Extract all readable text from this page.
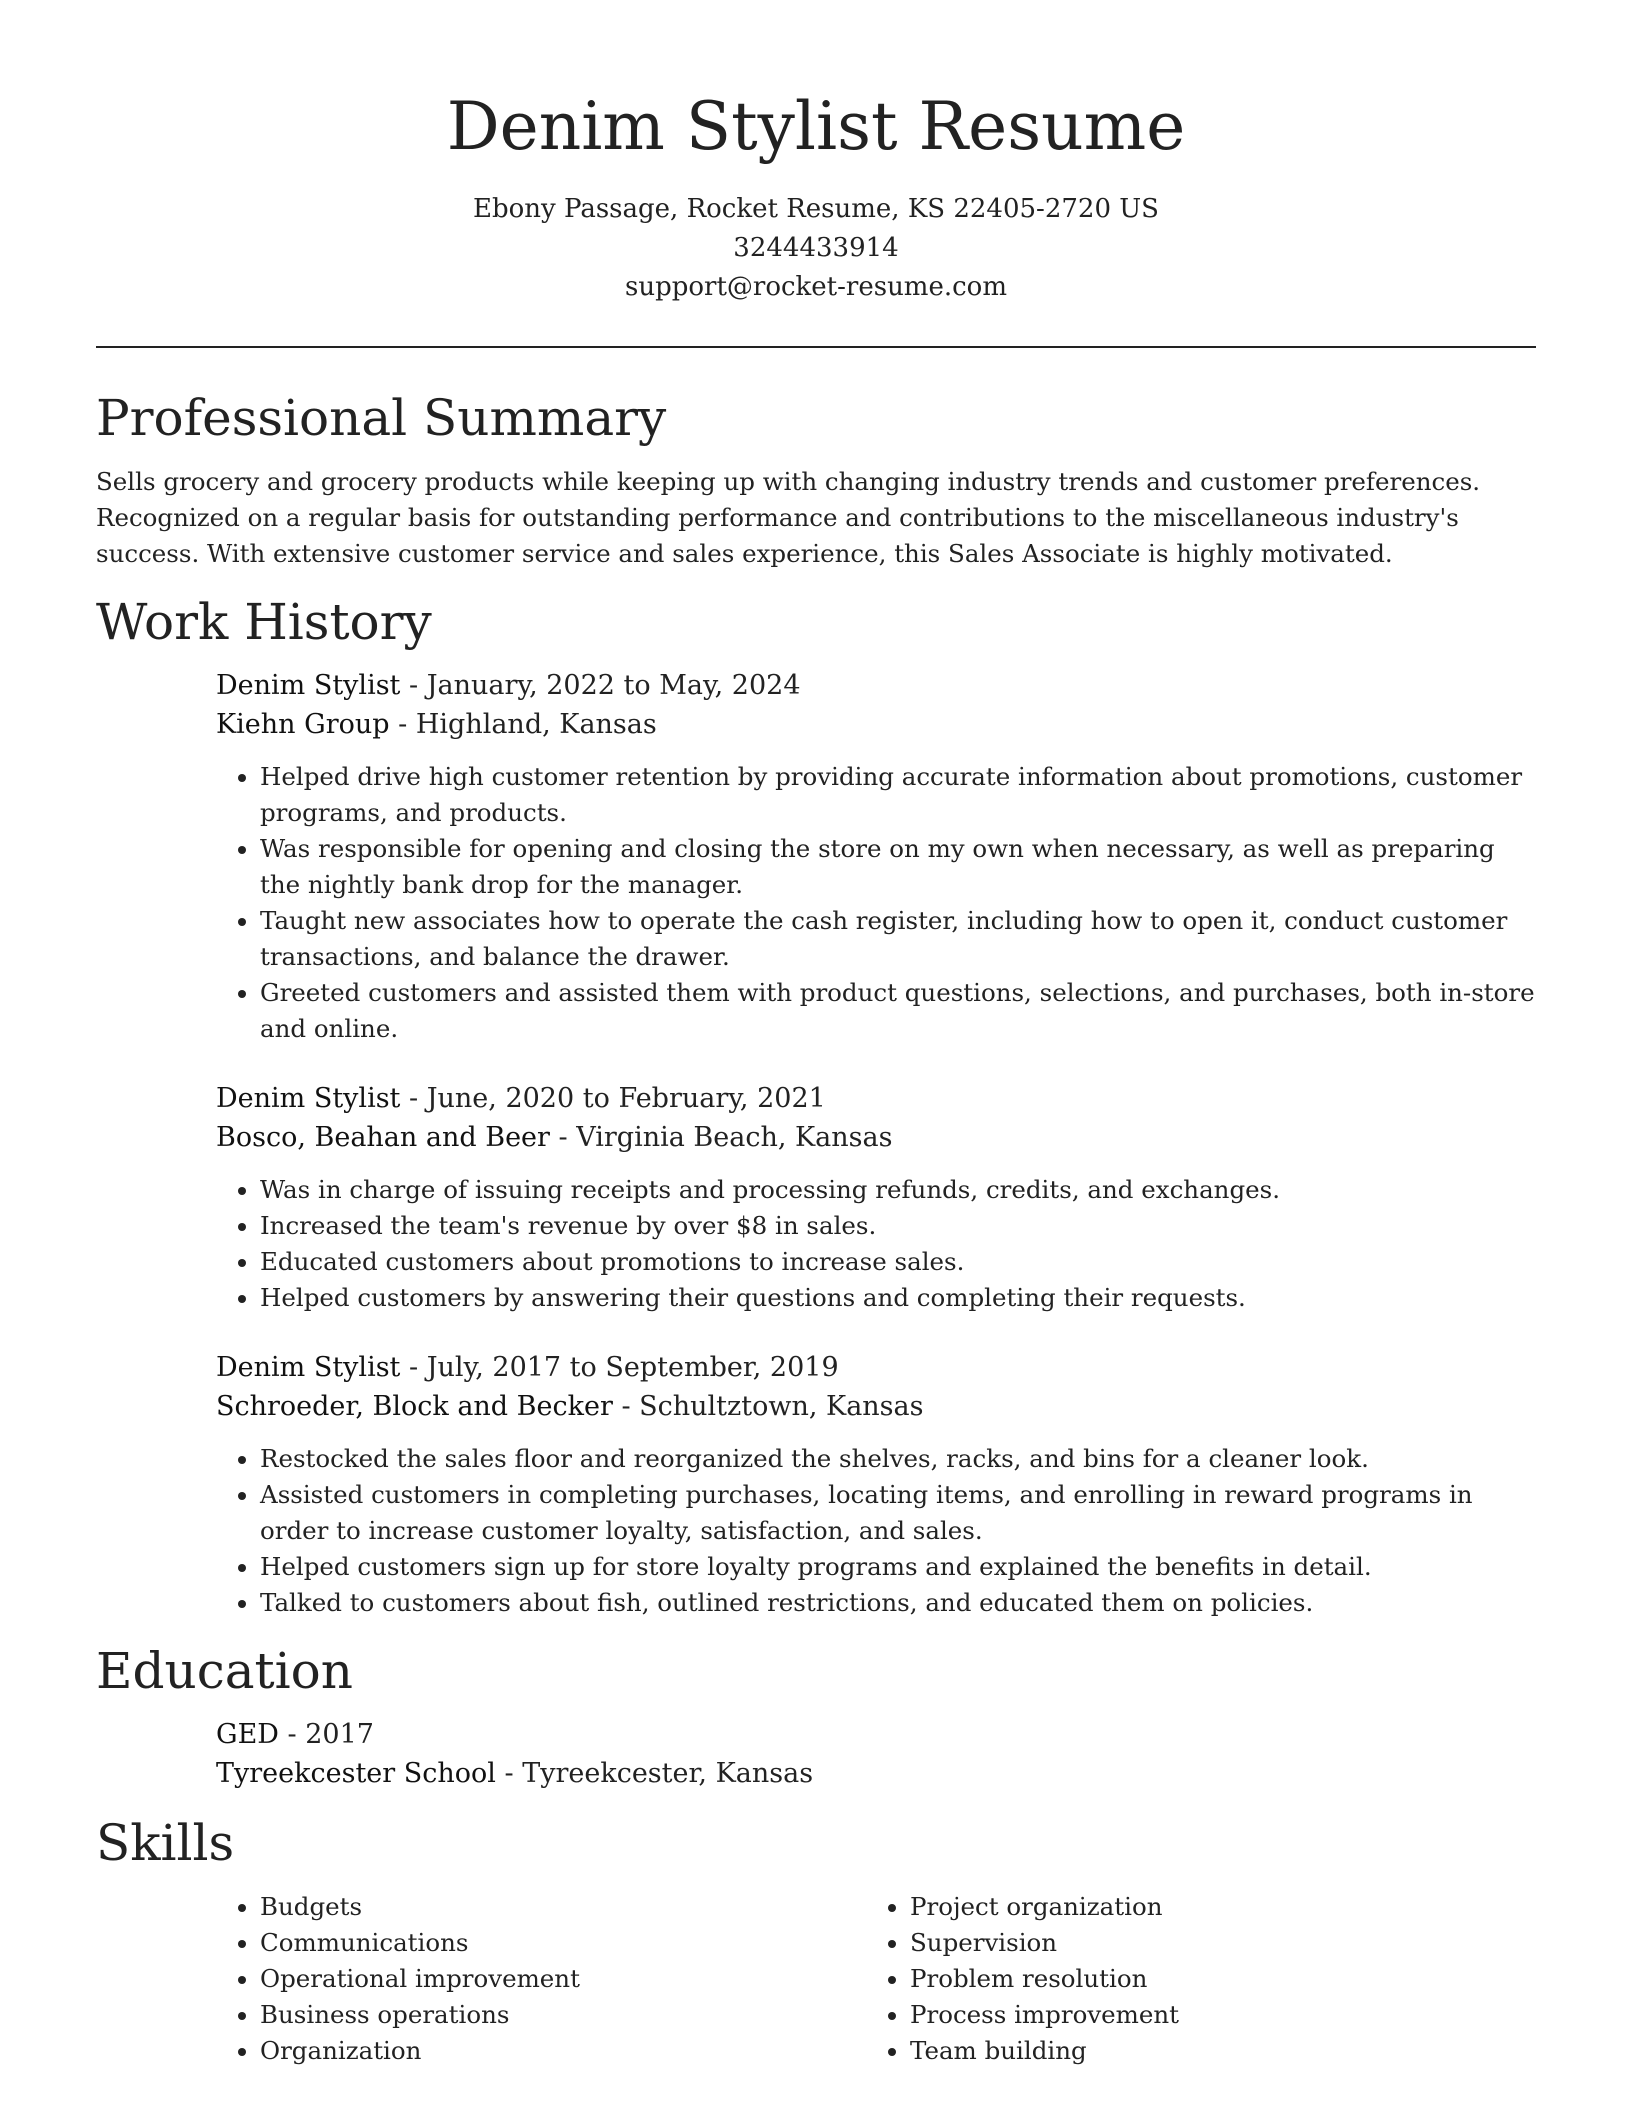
Denim Stylist Resume

Ebony Passage, Rocket Resume, KS 22405-2720 US

3244433914

support@rocket-resume.com

Professional Summary

Sells grocery and grocery products while keeping up with changing industry trends and customer preferences. Recognized on a regular basis for outstanding performance and contributions to the miscellaneous industry's success. With extensive customer service and sales experience, this Sales Associate is highly motivated.

Work History

Denim Stylist - January, 2022 to May, 2024

Kiehn Group - Highland, Kansas

• Helped drive high customer retention by providing accurate information about promotions, customer programs, and products.
• Was responsible for opening and closing the store on my own when necessary, as well as preparing the nightly bank drop for the manager.
• Taught new associates how to operate the cash register, including how to open it, conduct customer transactions, and balance the drawer.
• Greeted customers and assisted them with product questions, selections, and purchases, both in-store and online.

Denim Stylist - June, 2020 to February, 2021

Bosco, Beahan and Beer - Virginia Beach, Kansas

• Was in charge of issuing receipts and processing refunds, credits, and exchanges.
• Increased the team's revenue by over $8 in sales.
• Educated customers about promotions to increase sales.
• Helped customers by answering their questions and completing their requests.

Denim Stylist - July, 2017 to September, 2019

Schroeder, Block and Becker - Schultztown, Kansas

• Restocked the sales floor and reorganized the shelves, racks, and bins for a cleaner look.
• Assisted customers in completing purchases, locating items, and enrolling in reward programs in order to increase customer loyalty, satisfaction, and sales.
• Helped customers sign up for store loyalty programs and explained the benefits in detail.
• Talked to customers about fish, outlined restrictions, and educated them on policies.
Education

GED - 2017

Tyreekcester School - Tyreekcester, Kansas

Skills
• Budgets
• Communications
• Operational improvement
• Business operations
• Organization
• Project organization
• Supervision
• Problem resolution
• Process improvement
• Team building
